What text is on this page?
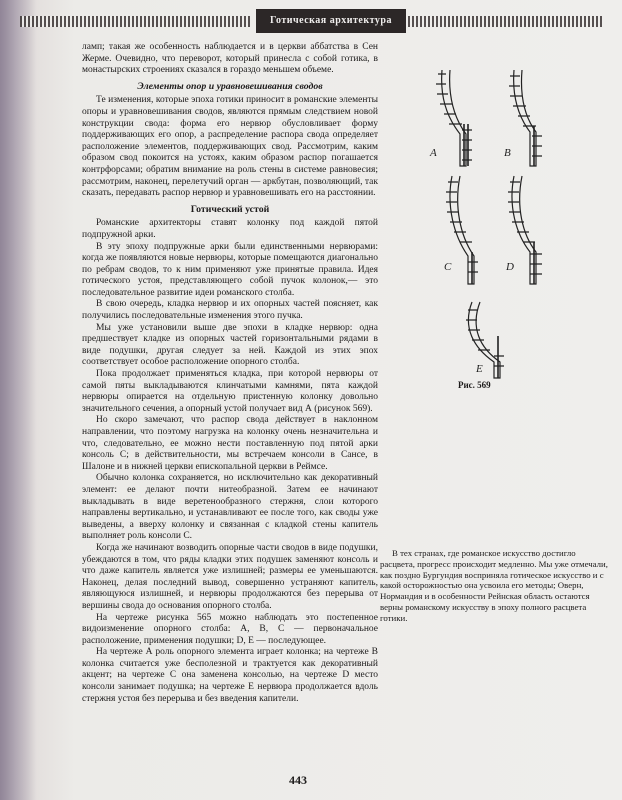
Готическая архитектура

ламп; такая же особенность наблюдается и в церкви аббатства в Сен Жерме. Очевидно, что переворот, который принесла с собой готика, в монастырских строениях сказался в гораздо меньшем объеме.

Элементы опор и уравновешивания сводов

Те изменения, которые эпоха готики приносит в романские элементы опоры и уравновешивания сводов, являются прямым следствием новой конструкции свода: форма его нервюр обусловливает форму поддерживающих его опор, а распределение распора свода определяет расположение элементов, поддерживающих свод. Рассмотрим, каким образом свод покоится на устоях, каким образом распор погашается контрфорсами; обратим внимание на роль стены в системе равновесия; рассмотрим, наконец, перелетучий орган — аркбутан, позволяющий, так сказать, передавать распор нервюр и уравновешивать его на расстоянии.

Готический устой

Романские архитекторы ставят колонку под каждой пятой подпружной арки.

В эту эпоху подпружные арки были единственными нервюрами: когда же появляются новые нервюры, которые помещаются диагонально по ребрам сводов, то к ним применяют уже принятые правила. Идея готического устоя, представляющего собой пучок колонок,— это последовательное развитие идеи романского столба.

В свою очередь, кладка нервюр и их опорных частей поясняет, как получились последовательные изменения этого пучка.

Мы уже установили выше две эпохи в кладке нервюр: одна предшествует кладке из опорных частей горизонтальными рядами в виде подушки, другая следует за ней. Каждой из этих эпох соответствует особое расположение опорного столба.

Пока продолжает применяться кладка, при которой нервюры от самой пяты выкладываются клинчатыми камнями, пята каждой нервюры опирается на отдельную пристенную колонку довольно значительного сечения, а опорный устой получает вид А (рисунок 569).

Но скоро замечают, что распор свода действует в наклонном направлении, что поэтому нагрузка на колонку очень незначительна и что, следовательно, ее можно нести поставленную под пятой арки консоль С; в действительности, мы встречаем консоли в Сансе, в Шалоне и в нижней церкви епископальной церкви в Реймсе.

Обычно колонка сохраняется, но исключительно как декоративный элемент: ее делают почти нитеобразной. Затем ее начинают выкладывать в виде веретенообразного стержня, слои которого направлены вертикально, и устанавливают ее после того, как своды уже выведены, а вверху колонку и связанная с кладкой стены капитель выполняет роль консоли С.

Когда же начинают возводить опорные части сводов в виде подушки, убеждаются в том, что ряды кладки этих подушек заменяют консоль и что даже капитель является уже излишней; размеры ее уменьшаются. Наконец, делая последний вывод, совершенно устраняют капитель, являющуюся излишней, и нервюры продолжаются без перерыва от вершины свода до основания опорного столба.

На чертеже рисунка 565 можно наблюдать это постепенное видоизменение опорного столба: А, В, С — первоначальное расположение, применения подушки; D, Е — последующее.

На чертеже А роль опорного элемента играет колонка; на чертеже В колонка считается уже бесполезной и трактуется как декоративный акцент; на чертеже С она заменена консолью, на чертеже D место консоли занимает подушка; на чертеже Е нервюра продолжается вдоль стержня устоя без перерыва и без введения капители.

А	В
С	D
Е
Рис. 569

В тех странах, где романское искусство достигло расцвета, прогресс происходит медленно. Мы уже отмечали, как поздно Бургундия восприняла готическое искусство и с какой осторожностью она усвоила его методы; Оверн, Нормандия и в особенности Рейнская область остаются верны романскому искусству в эпоху полного расцвета готики.

443
